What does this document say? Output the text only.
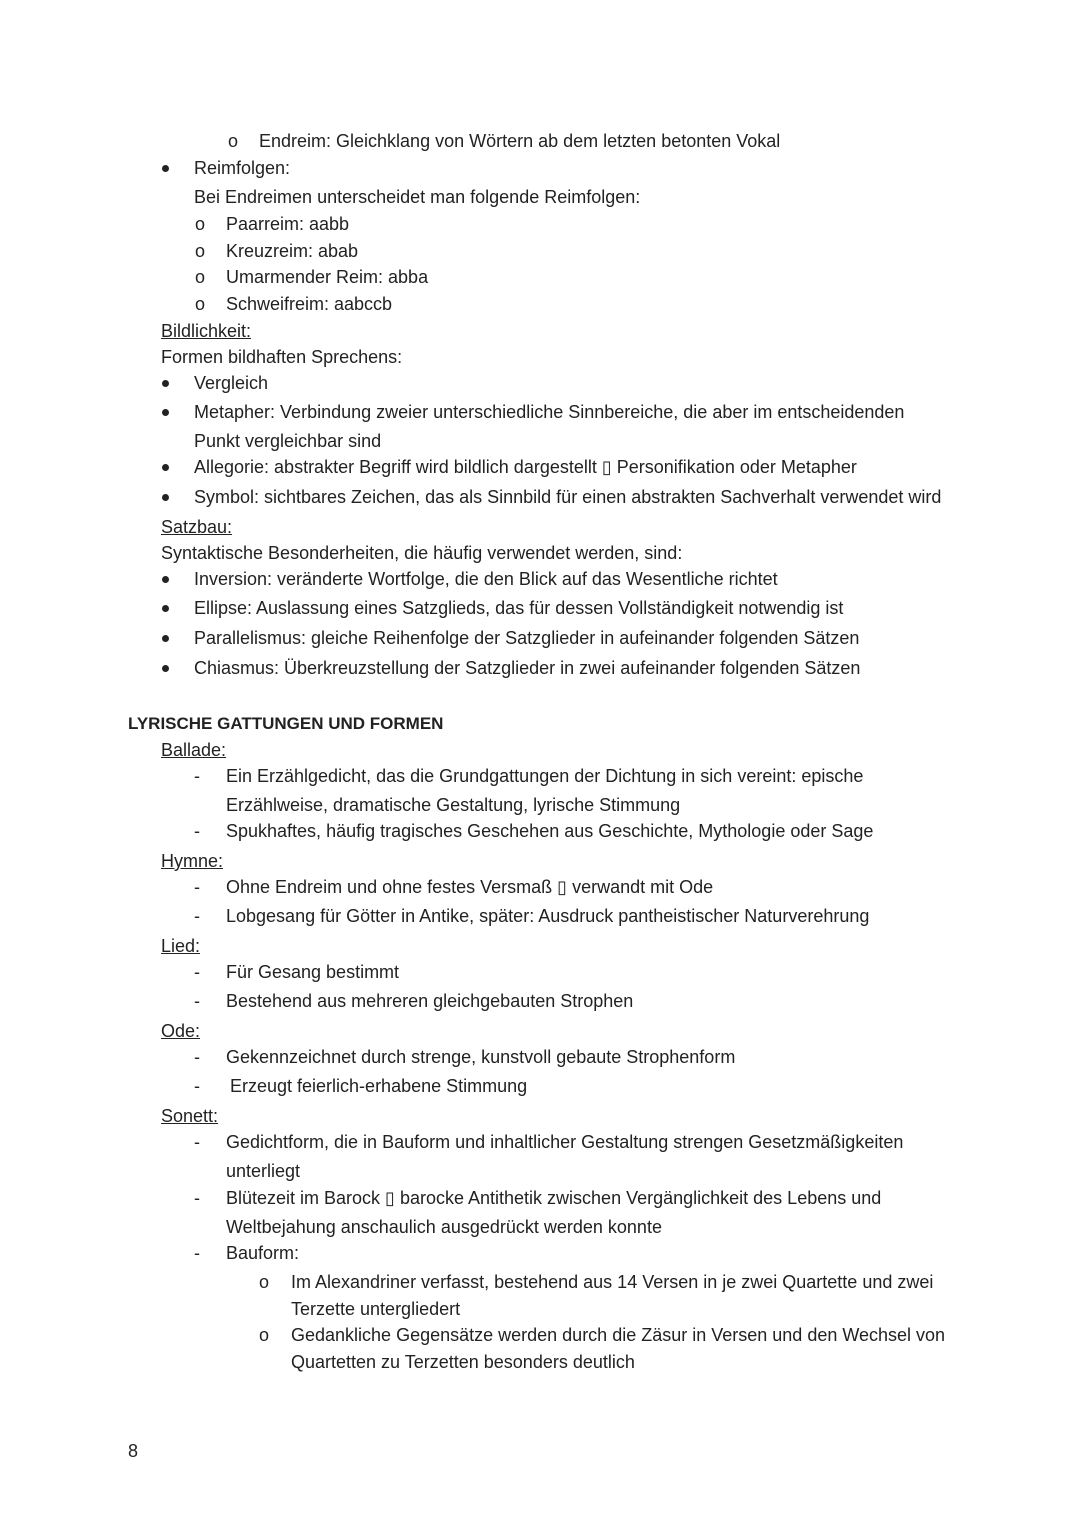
o Endreim: Gleichklang von Wörtern ab dem letzten betonten Vokal
Reimfolgen:
Bei Endreimen unterscheidet man folgende Reimfolgen:
o Paarreim: aabb
o Kreuzreim: abab
o Umarmender Reim: abba
o Schweifreim: aabccb
Bildlichkeit:
Formen bildhaften Sprechens:
Vergleich
Metapher: Verbindung zweier unterschiedliche Sinnbereiche, die aber im entscheidenden
Punkt vergleichbar sind
Allegorie: abstrakter Begriff wird bildlich dargestellt ▯ Personifikation oder Metapher
Symbol: sichtbares Zeichen, das als Sinnbild für einen abstrakten Sachverhalt verwendet wird
Satzbau:
Syntaktische Besonderheiten, die häufig verwendet werden, sind:
Inversion: veränderte Wortfolge, die den Blick auf das Wesentliche richtet
Ellipse: Auslassung eines Satzglieds, das für dessen Vollständigkeit notwendig ist
Parallelismus: gleiche Reihenfolge der Satzglieder in aufeinander folgenden Sätzen
Chiasmus: Überkreuzstellung der Satzglieder in zwei aufeinander folgenden Sätzen
LYRISCHE GATTUNGEN UND FORMEN
Ballade:
- Ein Erzählgedicht, das die Grundgattungen der Dichtung in sich vereint: epische
Erzählweise, dramatische Gestaltung, lyrische Stimmung
- Spukhaftes, häufig tragisches Geschehen aus Geschichte, Mythologie oder Sage
Hymne:
- Ohne Endreim und ohne festes Versmaß ▯ verwandt mit Ode
- Lobgesang für Götter in Antike, später: Ausdruck pantheistischer Naturverehrung
Lied:
- Für Gesang bestimmt
- Bestehend aus mehreren gleichgebauten Strophen
Ode:
- Gekennzeichnet durch strenge, kunstvoll gebaute Strophenform
- Erzeugt feierlich-erhabene Stimmung
Sonett:
- Gedichtform, die in Bauform und inhaltlicher Gestaltung strengen Gesetzmäßigkeiten
unterliegt
- Blütezeit im Barock ▯ barocke Antithetik zwischen Vergänglichkeit des Lebens und
Weltbejahung anschaulich ausgedrückt werden konnte
- Bauform:
o Im Alexandriner verfasst, bestehend aus 14 Versen in je zwei Quartette und zwei
Terzette untergliedert
o Gedankliche Gegensätze werden durch die Zäsur in Versen und den Wechsel von
Quartetten zu Terzetten besonders deutlich
8
